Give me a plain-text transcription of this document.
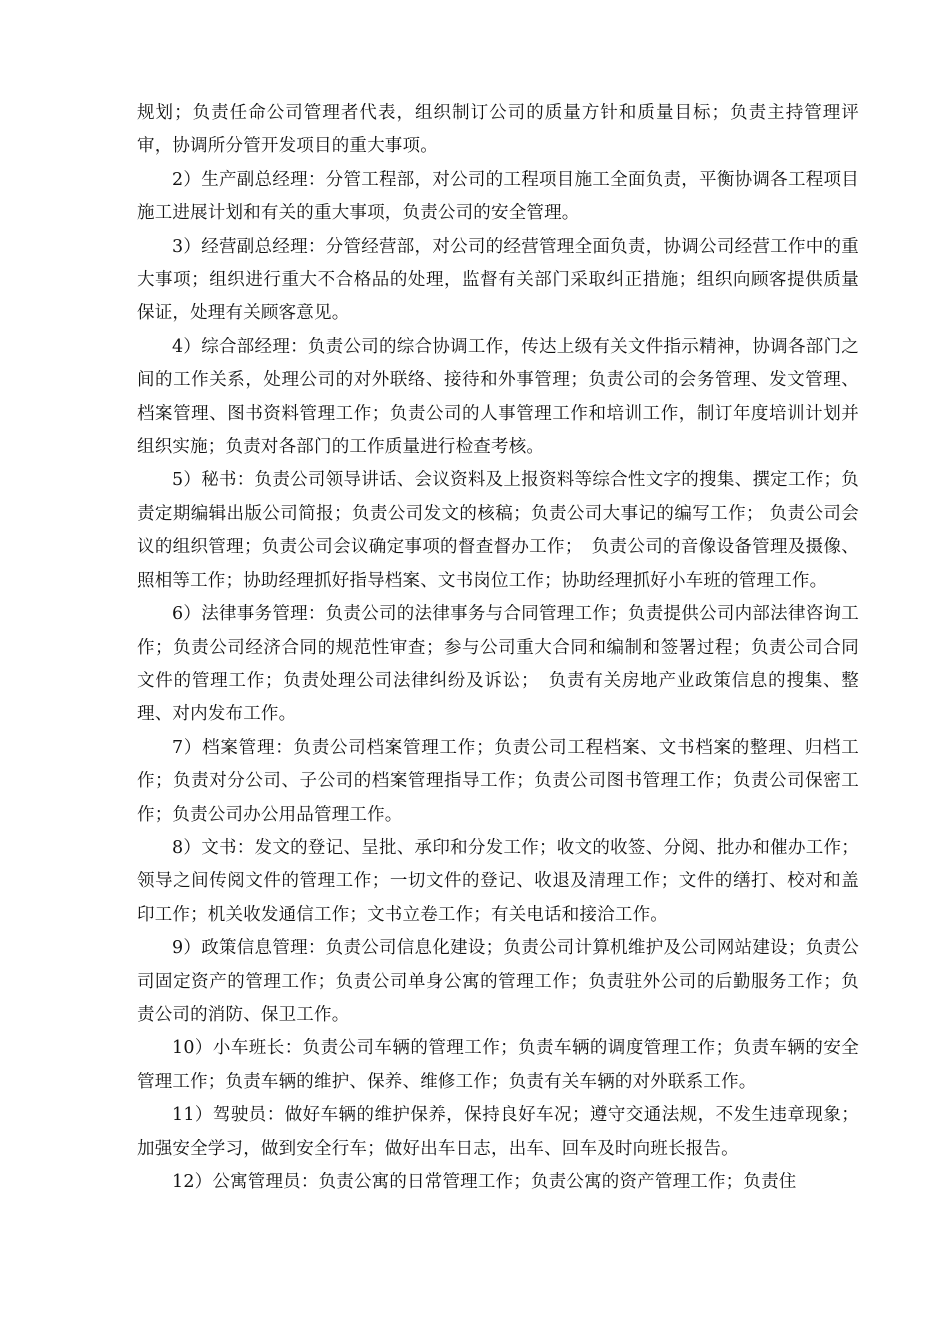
规划；负责任命公司管理者代表，组织制订公司的质量方针和质量目标；负责主持管理评审，协调所分管开发项目的重大事项。

2）生产副总经理：分管工程部，对公司的工程项目施工全面负责，平衡协调各工程项目施工进展计划和有关的重大事项，负责公司的安全管理。

3）经营副总经理：分管经营部，对公司的经营管理全面负责，协调公司经营工作中的重大事项；组织进行重大不合格品的处理，监督有关部门采取纠正措施；组织向顾客提供质量保证，处理有关顾客意见。

4）综合部经理：负责公司的综合协调工作，传达上级有关文件指示精神，协调各部门之间的工作关系，处理公司的对外联络、接待和外事管理；负责公司的会务管理、发文管理、档案管理、图书资料管理工作；负责公司的人事管理工作和培训工作，制订年度培训计划并组织实施；负责对各部门的工作质量进行检查考核。

5）秘书：负责公司领导讲话、会议资料及上报资料等综合性文字的搜集、撰定工作；负责定期编辑出版公司简报；负责公司发文的核稿；负责公司大事记的编写工作； 负责公司会议的组织管理；负责公司会议确定事项的督查督办工作；　负责公司的音像设备管理及摄像、照相等工作；协助经理抓好指导档案、文书岗位工作；协助经理抓好小车班的管理工作。

6）法律事务管理：负责公司的法律事务与合同管理工作；负责提供公司内部法律咨询工作；负责公司经济合同的规范性审查；参与公司重大合同和编制和签署过程；负责公司合同文件的管理工作；负责处理公司法律纠纷及诉讼；　负责有关房地产业政策信息的搜集、整理、对内发布工作。

7）档案管理：负责公司档案管理工作；负责公司工程档案、文书档案的整理、归档工作；负责对分公司、子公司的档案管理指导工作；负责公司图书管理工作；负责公司保密工作；负责公司办公用品管理工作。

8）文书：发文的登记、呈批、承印和分发工作；收文的收签、分阅、批办和催办工作；领导之间传阅文件的管理工作；一切文件的登记、收退及清理工作；文件的缮打、校对和盖印工作；机关收发通信工作；文书立卷工作；有关电话和接洽工作。

9）政策信息管理：负责公司信息化建设；负责公司计算机维护及公司网站建设；负责公司固定资产的管理工作；负责公司单身公寓的管理工作；负责驻外公司的后勤服务工作；负责公司的消防、保卫工作。

10）小车班长：负责公司车辆的管理工作；负责车辆的调度管理工作；负责车辆的安全管理工作；负责车辆的维护、保养、维修工作；负责有关车辆的对外联系工作。

11）驾驶员：做好车辆的维护保养，保持良好车况；遵守交通法规，不发生违章现象；加强安全学习，做到安全行车；做好出车日志，出车、回车及时向班长报告。

12）公寓管理员：负责公寓的日常管理工作；负责公寓的资产管理工作；负责住
